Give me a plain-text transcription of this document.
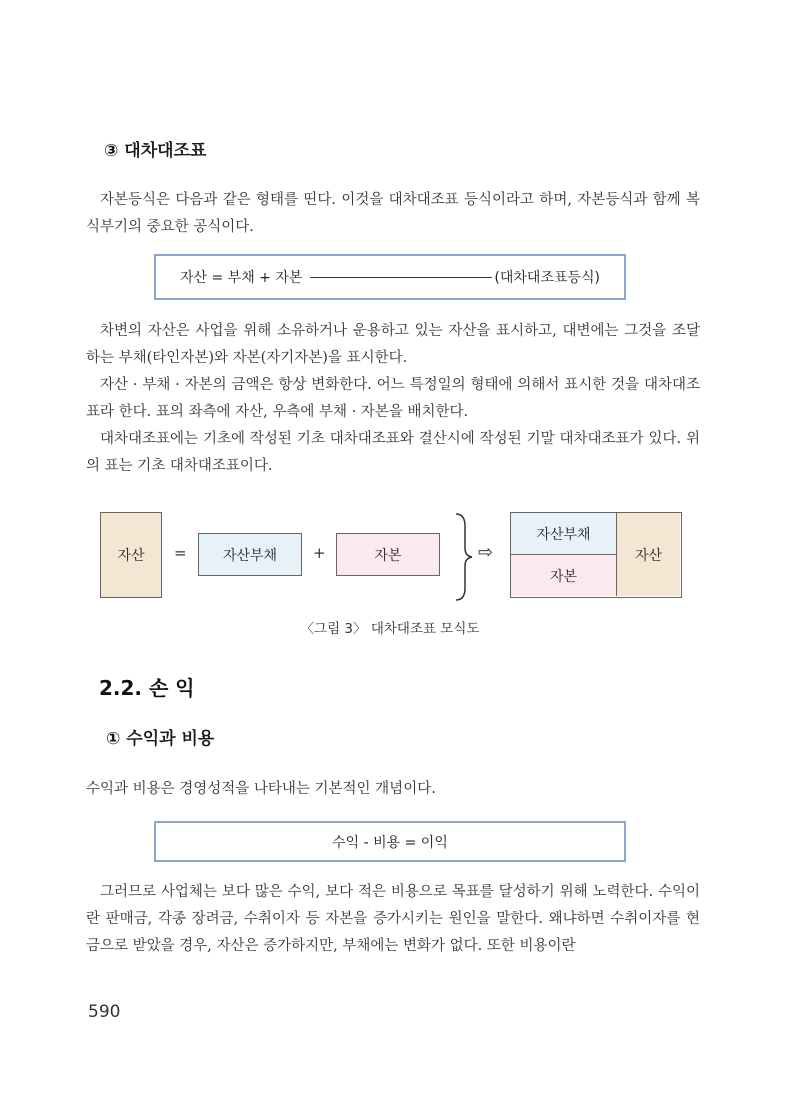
③ 대차대조표

자본등식은 다음과 같은 형태를 띤다. 이것을 대차대조표 등식이라고 하며, 자본등식과 함께 복식부기의 중요한 공식이다.

자산 = 부채 + 자본	(대차대조표등식)

차변의 자산은 사업을 위해 소유하거나 운용하고 있는 자산을 표시하고, 대변에는 그것을 조달하는 부채(타인자본)와 자본(자기자본)을 표시한다.

자산 · 부채 · 자본의 금액은 항상 변화한다. 어느 특정일의 형태에 의해서 표시한 것을 대차대조표라 한다. 표의 좌측에 자산, 우측에 부채 · 자본을 배치한다.

대차대조표에는 기초에 작성된 기초 대차대조표와 결산시에 작성된 기말 대차대조표가 있다. 위의 표는 기초 대차대조표이다.

자산 =	자산부채 +	자본	⇨
자산부채
자본
자산
〈그림 3〉 대차대조표 모식도
2.2. 손 익
① 수익과 비용

수익과 비용은 경영성적을 나타내는 기본적인 개념이다.

수익 - 비용 = 이익

그러므로 사업체는 보다 많은 수익, 보다 적은 비용으로 목표를 달성하기 위해 노력한다. 수익이란 판매금, 각종 장려금, 수취이자 등 자본을 증가시키는 원인을 말한다. 왜냐하면 수취이자를 현금으로 받았을 경우, 자산은 증가하지만, 부채에는 변화가 없다. 또한 비용이란

590
